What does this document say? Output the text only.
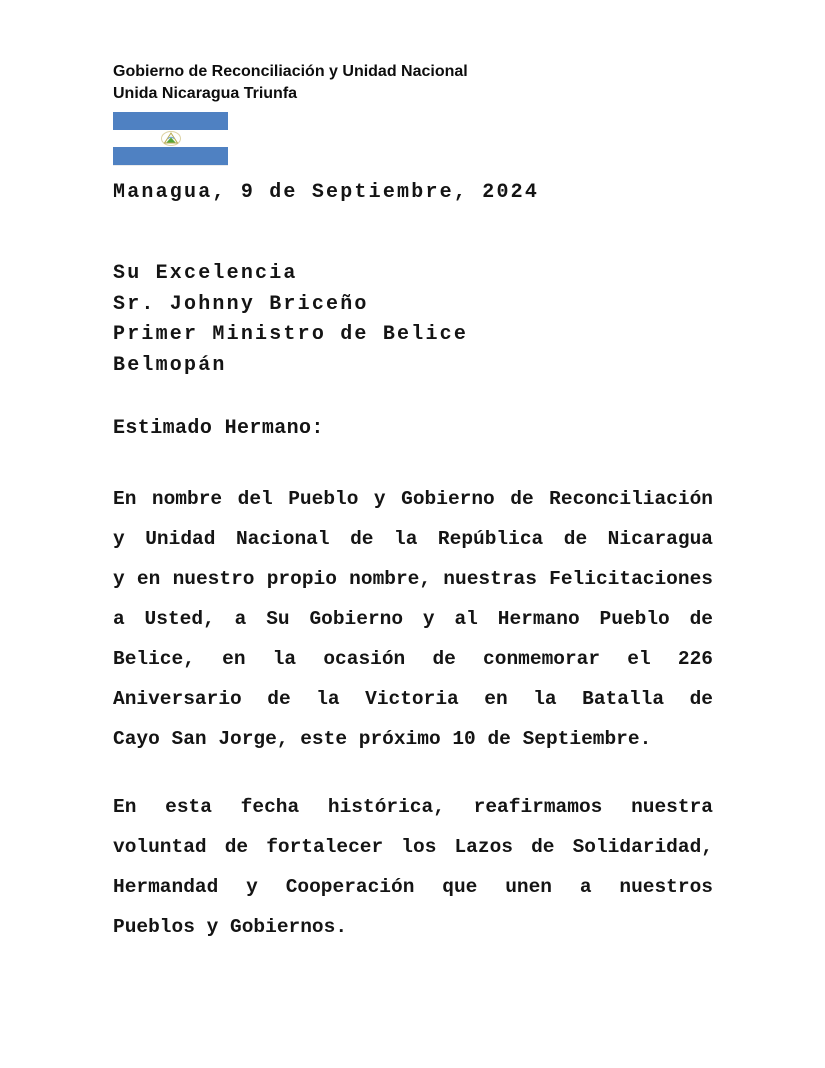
Gobierno de Reconciliación y Unidad Nacional
Unida Nicaragua Triunfa
Managua, 9 de Septiembre, 2024
Su Excelencia
Sr. Johnny Briceño
Primer Ministro de Belice
Belmopán
Estimado Hermano:
En nombre del Pueblo y Gobierno de Reconciliación
y Unidad Nacional de la República de Nicaragua
y en nuestro propio nombre, nuestras Felicitaciones
a Usted, a Su Gobierno y al Hermano Pueblo de
Belice, en la ocasión de conmemorar el 226
Aniversario de la Victoria en la Batalla de
Cayo San Jorge, este próximo 10 de Septiembre.
En esta fecha histórica, reafirmamos nuestra
voluntad de fortalecer los Lazos de Solidaridad,
Hermandad y Cooperación que unen a nuestros
Pueblos y Gobiernos.
